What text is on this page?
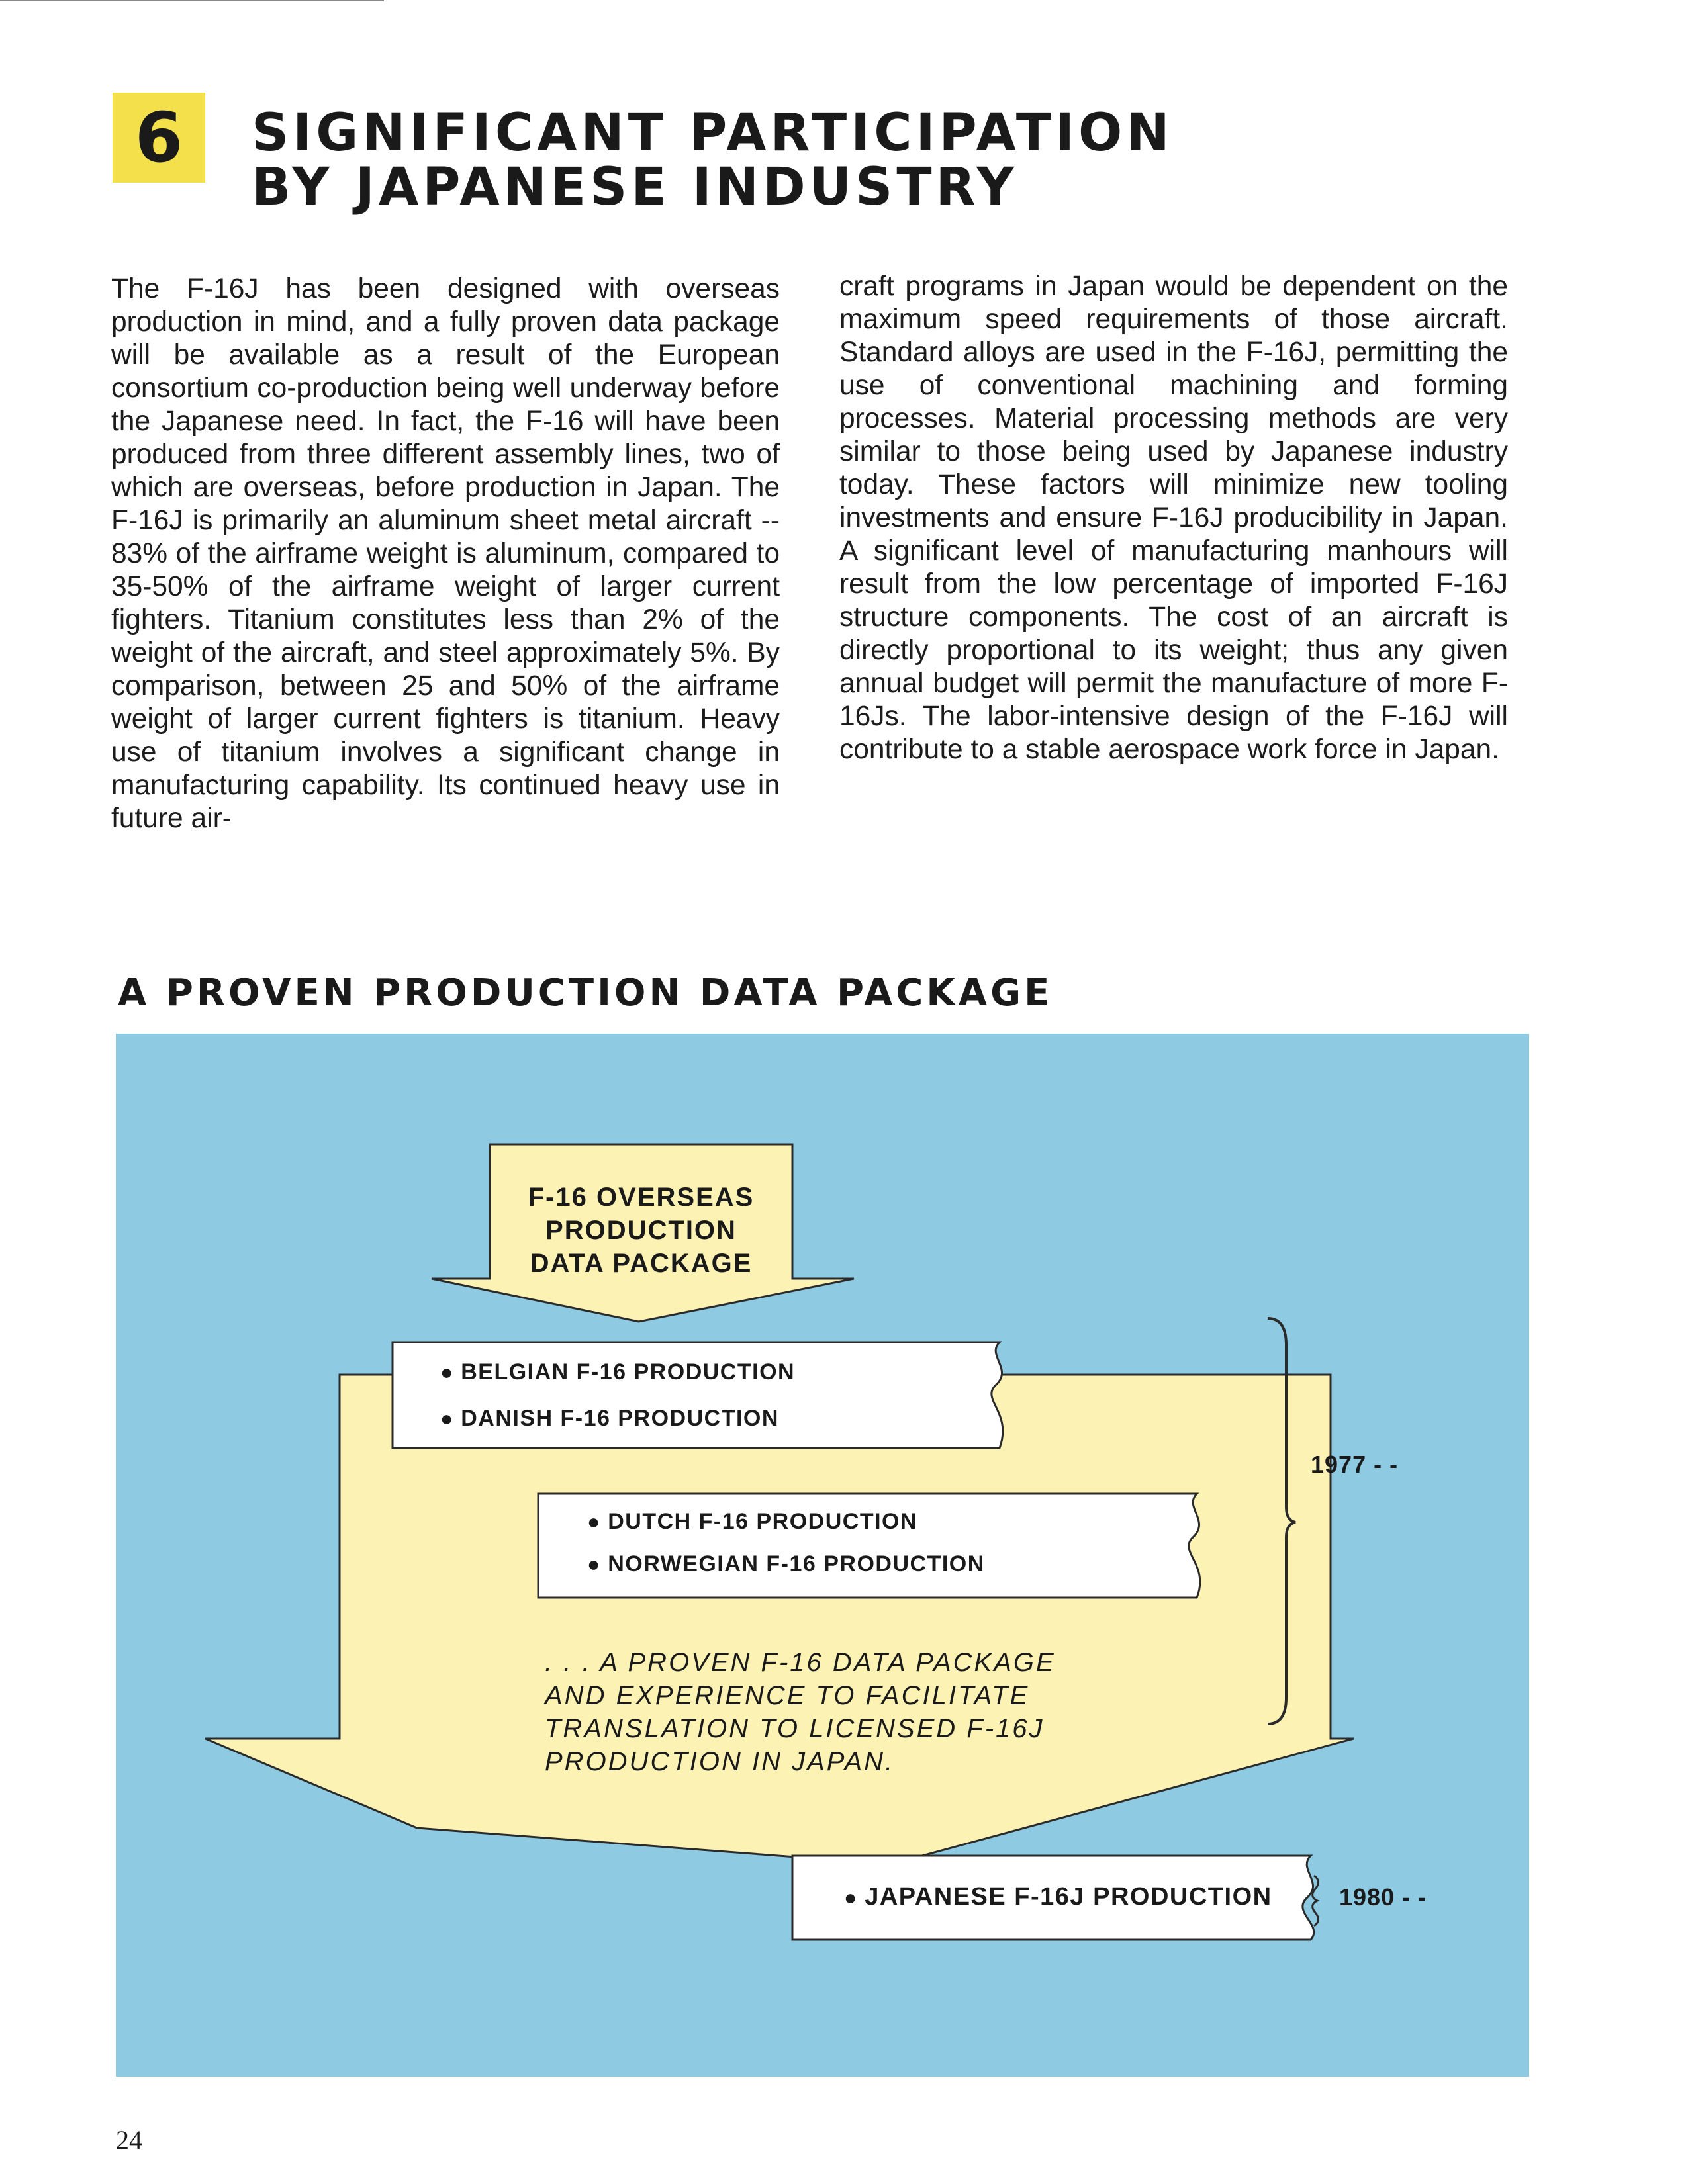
6	SIGNIFICANT PARTICIPATION
BY JAPANESE INDUSTRY

The F-16J has been designed with overseas production in mind, and a fully proven data package will be available as a result of the European consortium co-production being well underway before the Japanese need. In fact, the F-16 will have been produced from three different assembly lines, two of which are overseas, before production in Japan. The F-16J is primarily an aluminum sheet metal aircraft -- 83% of the airframe weight is aluminum, compared to 35-50% of the airframe weight of larger current fighters. Titanium constitutes less than 2% of the weight of the aircraft, and steel approximately 5%. By comparison, between 25 and 50% of the airframe weight of larger current fighters is titanium. Heavy use of titanium involves a significant change in manufacturing capability. Its continued heavy use in future air-

craft programs in Japan would be dependent on the maximum speed requirements of those aircraft. Standard alloys are used in the F-16J, permitting the use of conventional machining and forming processes. Material processing methods are very similar to those being used by Japanese industry today. These factors will minimize new tooling investments and ensure F-16J producibility in Japan. A significant level of manufacturing manhours will result from the low percentage of imported F-16J structure components. The cost of an aircraft is directly proportional to its weight; thus any given annual budget will permit the manufacture of more F-16Js. The labor-intensive design of the F-16J will contribute to a stable aerospace work force in Japan.

A PROVEN PRODUCTION DATA PACKAGE
F-16 OVERSEAS
PRODUCTION
DATA PACKAGE
● BELGIAN F-16 PRODUCTION
● DANISH F-16 PRODUCTION
● DUTCH F-16 PRODUCTION
● NORWEGIAN F-16 PRODUCTION
1977 - -
. . . A PROVEN F-16 DATA PACKAGE
AND EXPERIENCE TO FACILITATE
TRANSLATION TO LICENSED F-16J
PRODUCTION IN JAPAN.
● JAPANESE F-16J PRODUCTION	1980 - -
24
